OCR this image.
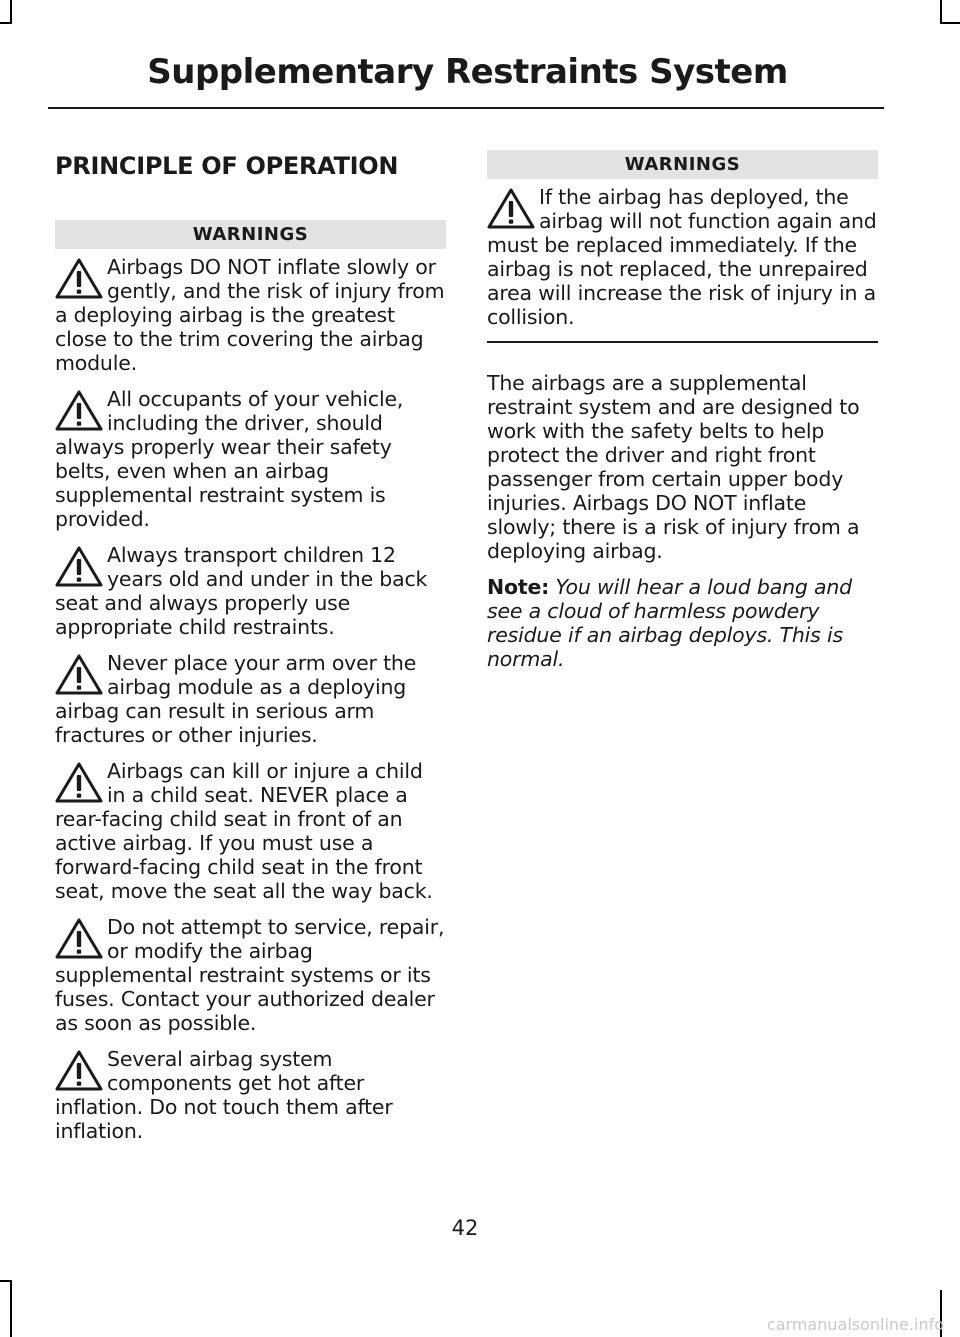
Supplementary Restraints System
PRINCIPLE OF OPERATION
WARNINGS
Airbags DO NOT inflate slowly or gently, and the risk of injury from a deploying airbag is the greatest close to the trim covering the airbag module.
All occupants of your vehicle, including the driver, should always properly wear their safety belts, even when an airbag supplemental restraint system is provided.
Always transport children 12 years old and under in the back seat and always properly use appropriate child restraints.
Never place your arm over the airbag module as a deploying airbag can result in serious arm fractures or other injuries.
Airbags can kill or injure a child in a child seat. NEVER place a rear-facing child seat in front of an active airbag. If you must use a forward-facing child seat in the front seat, move the seat all the way back.
Do not attempt to service, repair, or modify the airbag supplemental restraint systems or its fuses. Contact your authorized dealer as soon as possible.
Several airbag system components get hot after inflation. Do not touch them after inflation.
WARNINGS
If the airbag has deployed, the airbag will not function again and must be replaced immediately. If the airbag is not replaced, the unrepaired area will increase the risk of injury in a collision.

The airbags are a supplemental restraint system and are designed to work with the safety belts to help protect the driver and right front passenger from certain upper body injuries. Airbags DO NOT inflate slowly; there is a risk of injury from a deploying airbag.

Note: You will hear a loud bang and see a cloud of harmless powdery residue if an airbag deploys. This is normal.

42
carmanualsonline.info
